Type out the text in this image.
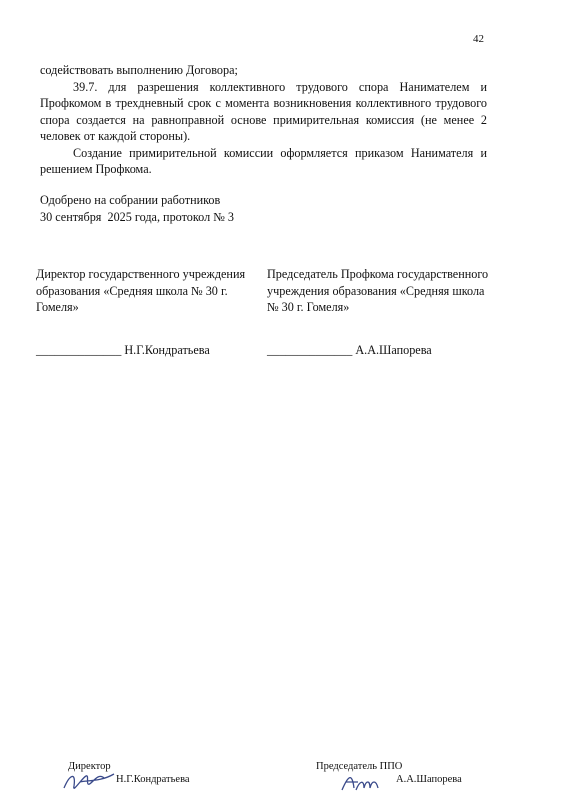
42

содействовать выполнению Договора;

39.7. для разрешения коллективного трудового спора Нанимателем и Профкомом в трехдневный срок с момента возникновения коллективного трудового спора создается на равноправной основе примирительная комиссия (не менее 2 человек от каждой стороны).

Создание примирительной комиссии оформляется приказом Нанимателя и решением Профкома.

Одобрено на собрании работников
30 сентября  2025 года, протокол № 3
Директор государственного учреждения образования «Средняя школа № 30 г. Гомеля»
Председатель Профкома государственного учреждения образования «Средняя школа № 30 г. Гомеля»
______________ Н.Г.Кондратьева	______________ А.А.Шапорева
Директор
Н.Г.Кондратьева
Председатель ППО
А.А.Шапорева
